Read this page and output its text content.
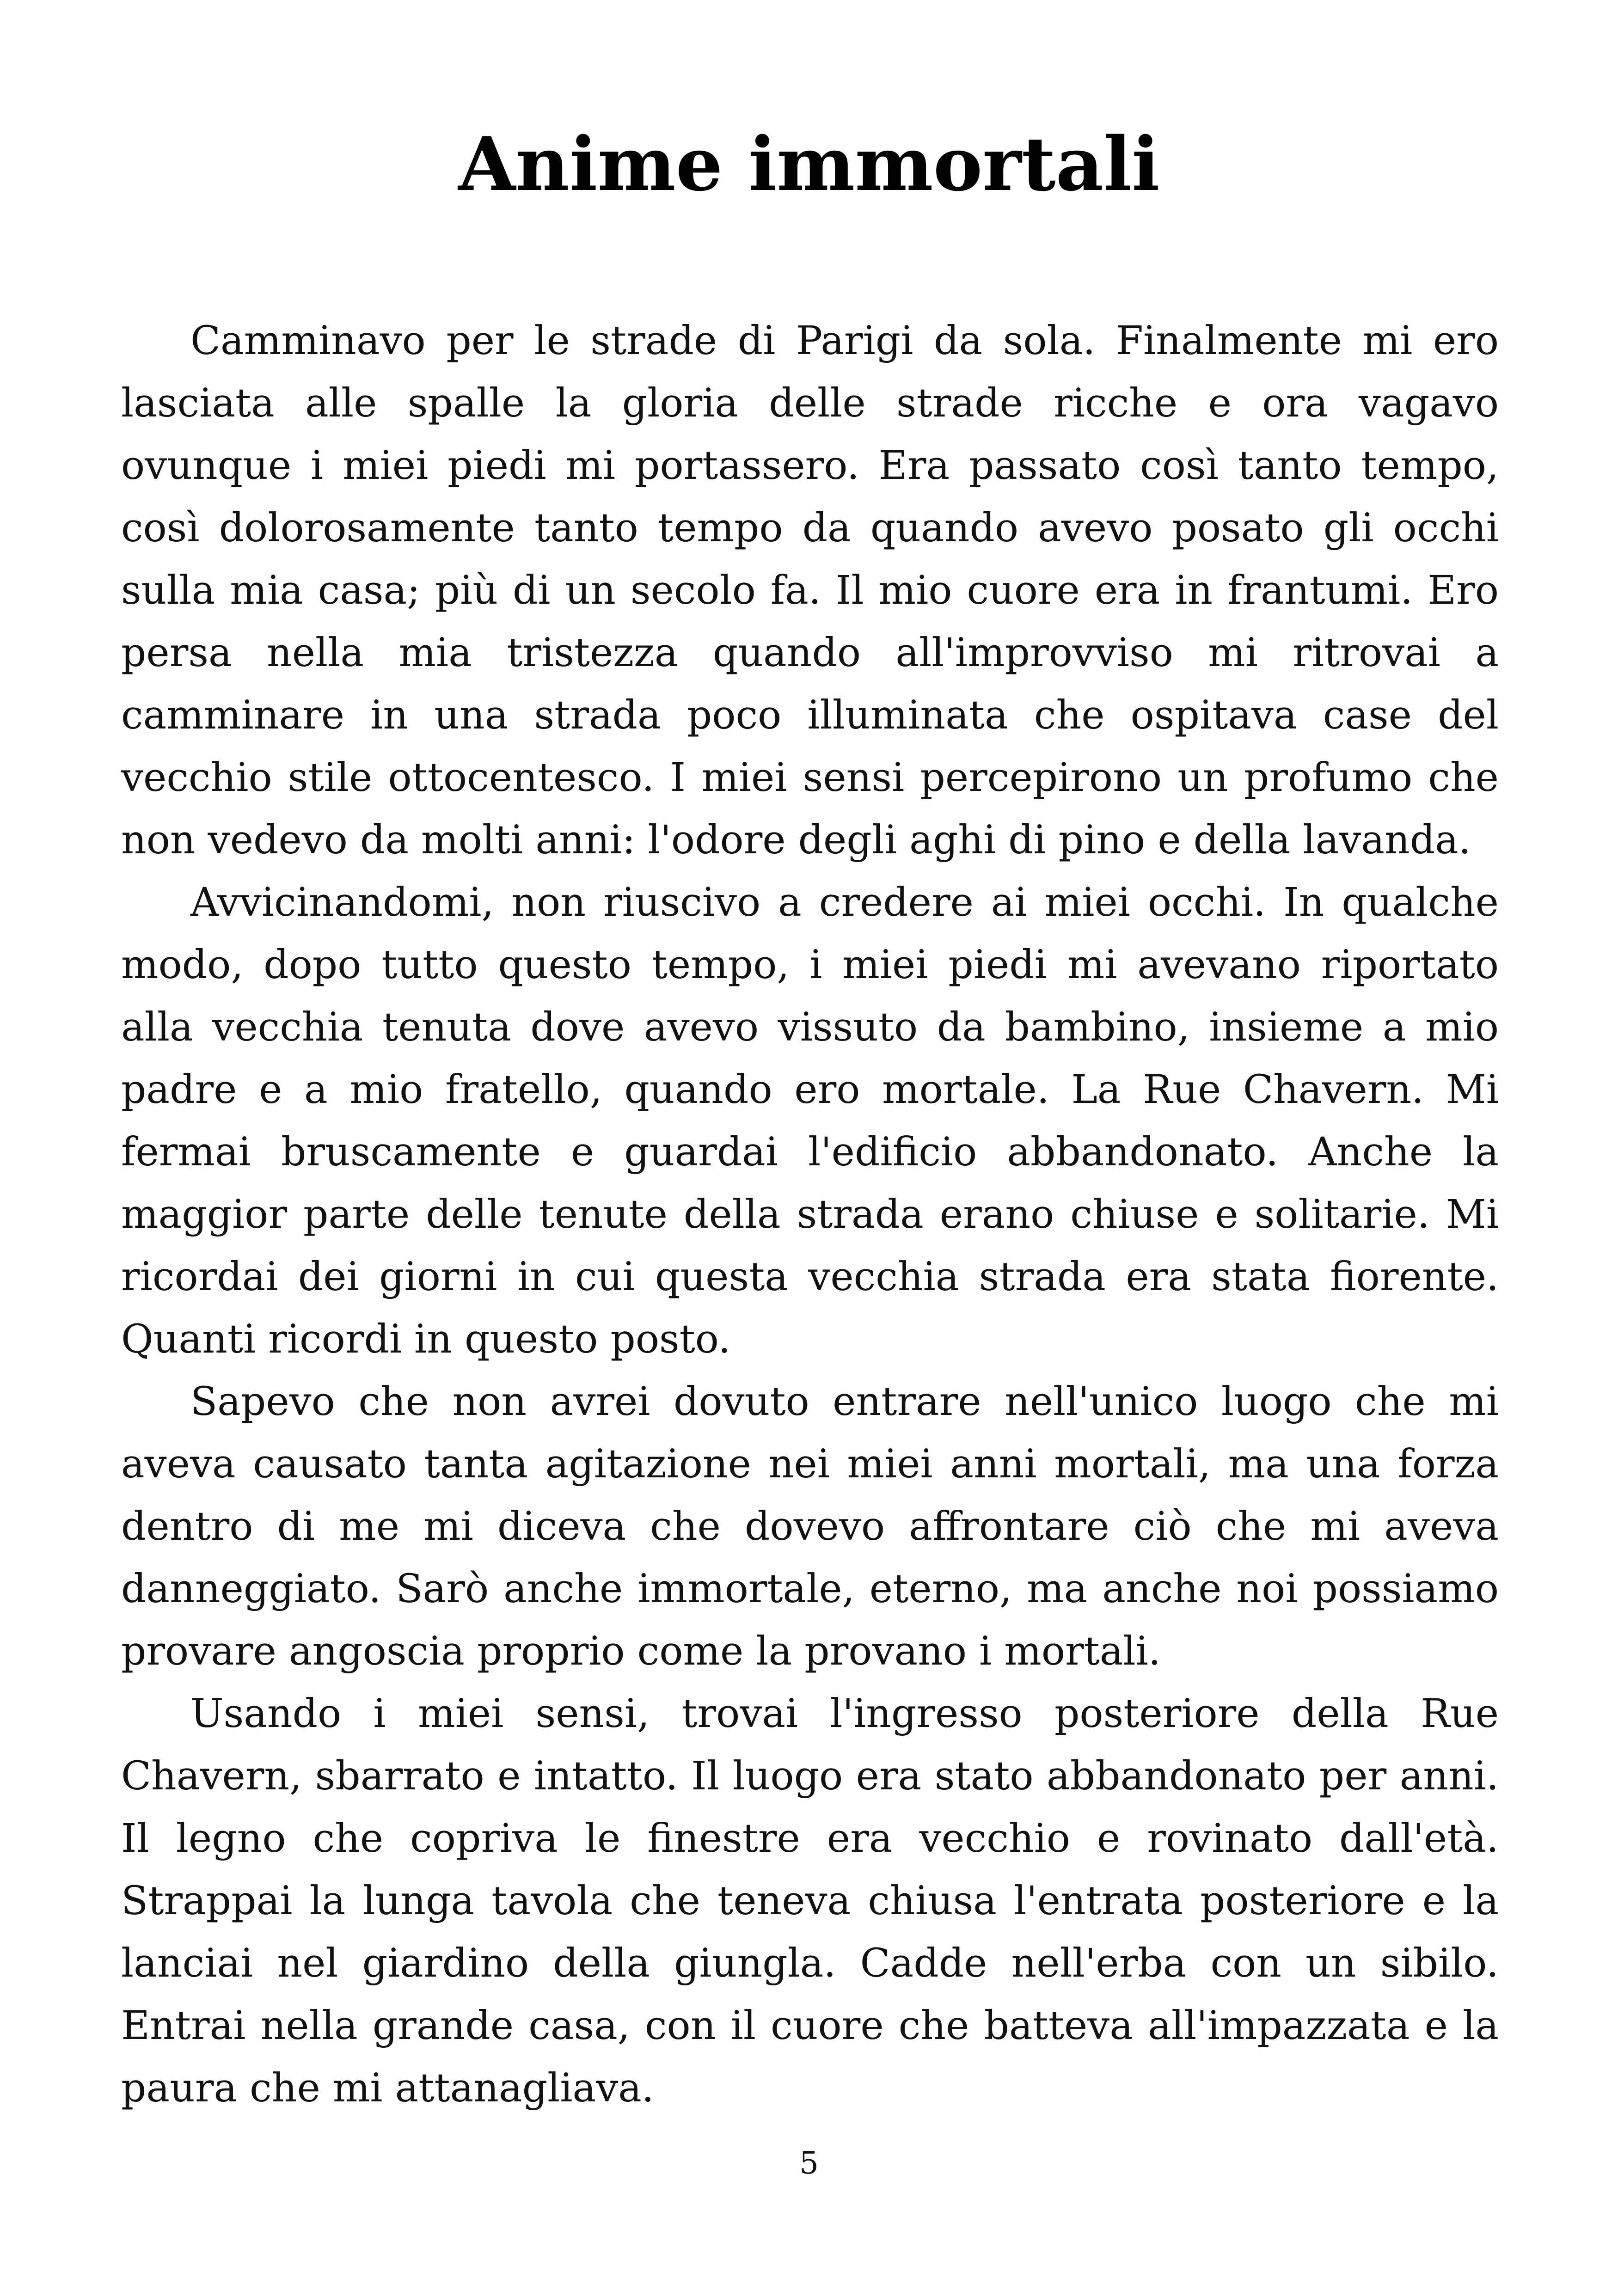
Anime immortali

Camminavo per le strade di Parigi da sola. Finalmente mi ero lasciata alle spalle la gloria delle strade ricche e ora vagavo ovunque i miei piedi mi portassero. Era passato così tanto tempo, così dolorosamente tanto tempo da quando avevo posato gli occhi sulla mia casa; più di un secolo fa. Il mio cuore era in frantumi. Ero persa nella mia tristezza quando all'improvviso mi ritrovai a camminare in una strada poco illuminata che ospitava case del vecchio stile ottocentesco. I miei sensi percepirono un profumo che non vedevo da molti anni: l'odore degli aghi di pino e della lavanda.

Avvicinandomi, non riuscivo a credere ai miei occhi. In qualche modo, dopo tutto questo tempo, i miei piedi mi avevano riportato alla vecchia tenuta dove avevo vissuto da bambino, insieme a mio padre e a mio fratello, quando ero mortale. La Rue Chavern. Mi fermai bruscamente e guardai l'edificio abbandonato. Anche la maggior parte delle tenute della strada erano chiuse e solitarie. Mi ricordai dei giorni in cui questa vecchia strada era stata fiorente. Quanti ricordi in questo posto.

Sapevo che non avrei dovuto entrare nell'unico luogo che mi aveva causato tanta agitazione nei miei anni mortali, ma una forza dentro di me mi diceva che dovevo affrontare ciò che mi aveva danneggiato. Sarò anche immortale, eterno, ma anche noi possiamo provare angoscia proprio come la provano i mortali.

Usando i miei sensi, trovai l'ingresso posteriore della Rue Chavern, sbarrato e intatto. Il luogo era stato abbandonato per anni. Il legno che copriva le finestre era vecchio e rovinato dall'età. Strappai la lunga tavola che teneva chiusa l'entrata posteriore e la lanciai nel giardino della giungla. Cadde nell'erba con un sibilo. Entrai nella grande casa, con il cuore che batteva all'impazzata e la paura che mi attanagliava.

5
